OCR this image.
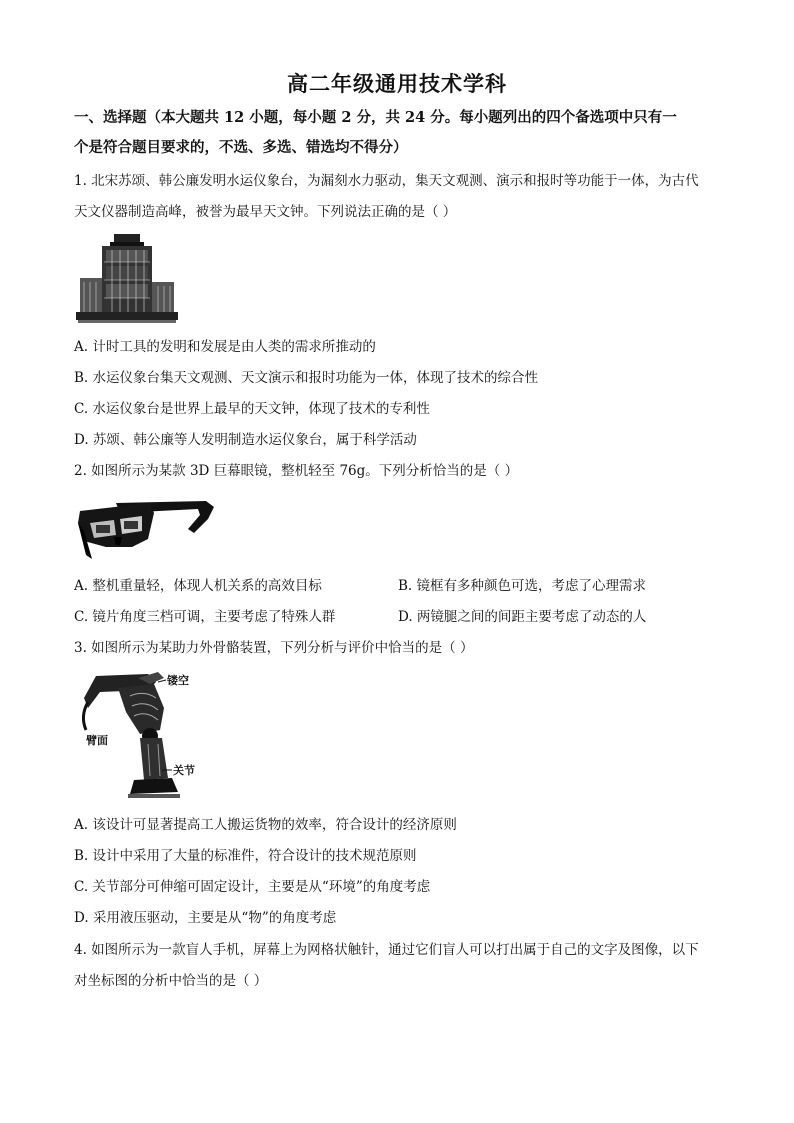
高二年级通用技术学科
一、选择题（本大题共 12 小题，每小题 2 分，共 24 分。每小题列出的四个备选项中只有一
个是符合题目要求的，不选、多选、错选均不得分）
1. 北宋苏颂、韩公廉发明水运仪象台，为漏刻水力驱动，集天文观测、演示和报时等功能于一体，为古代
天文仪器制造高峰，被誉为最早天文钟。下列说法正确的是（ ）
A. 计时工具的发明和发展是由人类的需求所推动的
B. 水运仪象台集天文观测、天文演示和报时功能为一体，体现了技术的综合性
C. 水运仪象台是世界上最早的天文钟，体现了技术的专利性
D. 苏颂、韩公廉等人发明制造水运仪象台，属于科学活动
2. 如图所示为某款 3D 巨幕眼镜，整机轻至 76g。下列分析恰当的是（ ）
A. 整机重量轻，体现人机关系的高效目标	B. 镜框有多种颜色可选，考虑了心理需求
C. 镜片角度三档可调，主要考虑了特殊人群	D. 两镜腿之间的间距主要考虑了动态的人
3. 如图所示为某助力外骨骼装置，下列分析与评价中恰当的是（ ）
镂空
臂面
关节
A. 该设计可显著提高工人搬运货物的效率，符合设计的经济原则
B. 设计中采用了大量的标准件，符合设计的技术规范原则
C. 关节部分可伸缩可固定设计，主要是从“环境”的角度考虑
D. 采用液压驱动，主要是从“物”的角度考虑
4. 如图所示为一款盲人手机，屏幕上为网格状触针，通过它们盲人可以打出属于自己的文字及图像，以下
对坐标图的分析中恰当的是（ ）
